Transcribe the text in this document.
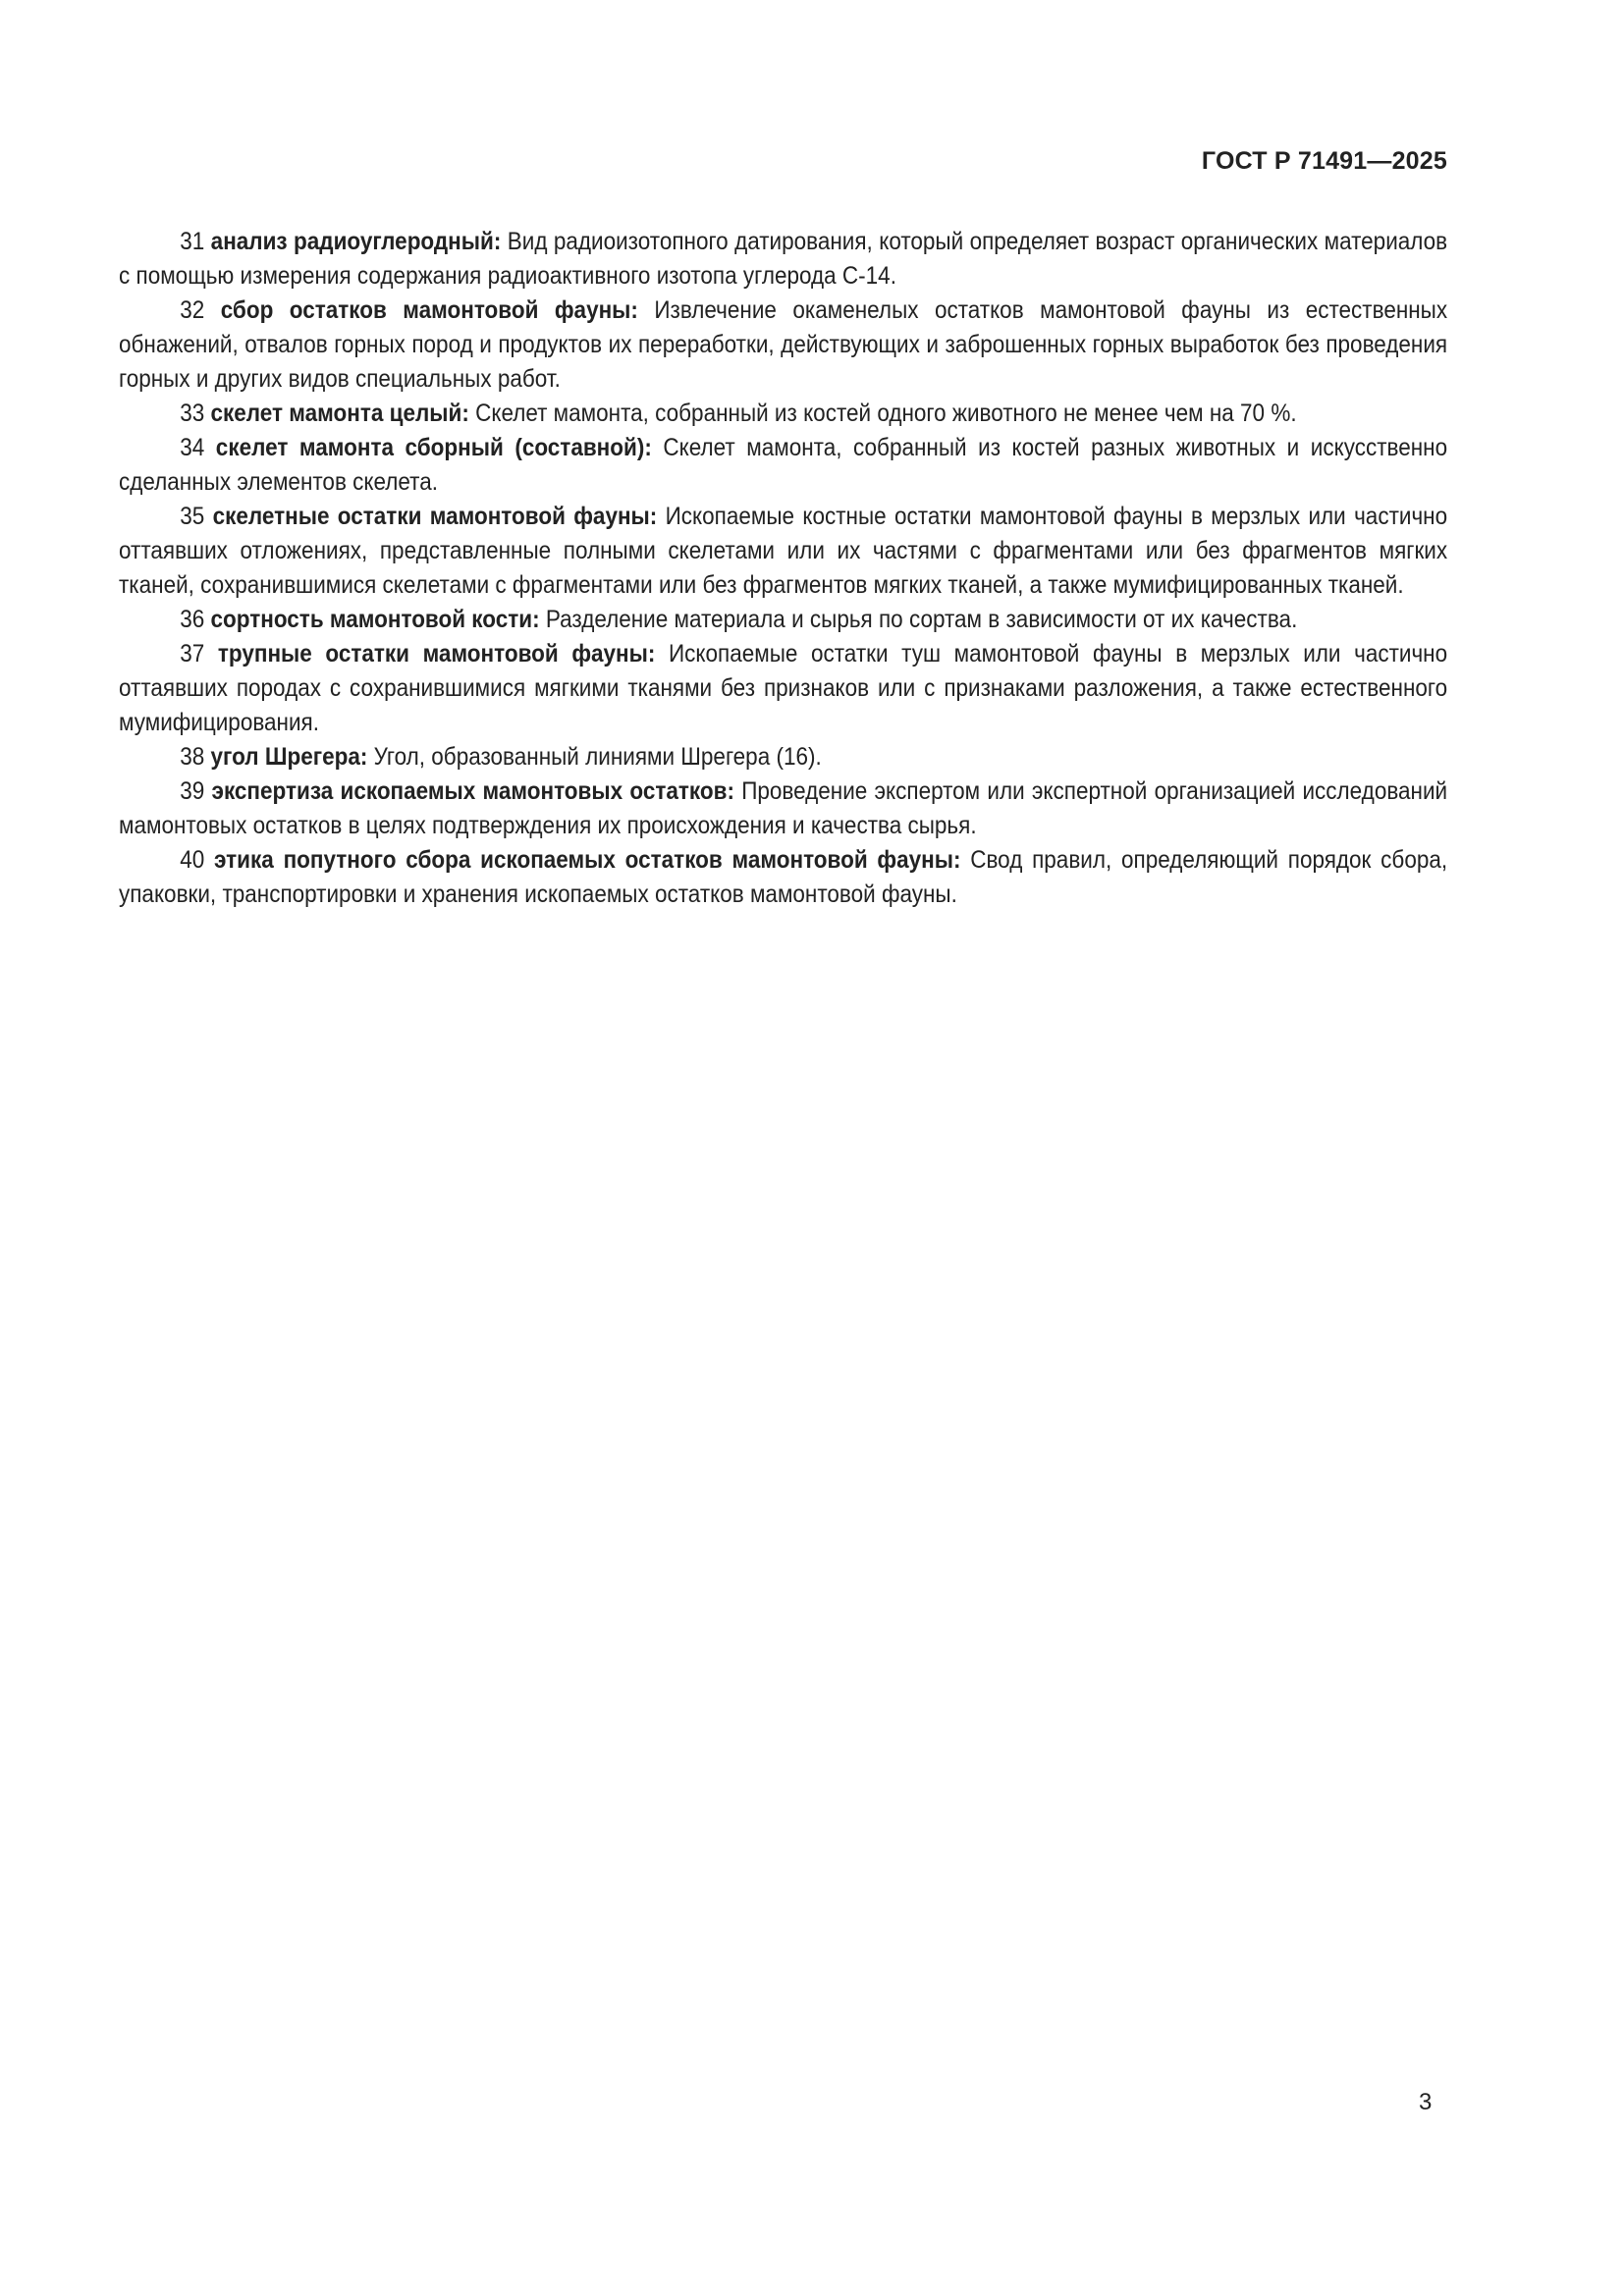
ГОСТ Р 71491—2025

31 анализ радиоуглеродный: Вид радиоизотопного датирования, который определяет возраст органических материалов с помощью измерения содержания радиоактивного изотопа углерода С-14.

32 сбор остатков мамонтовой фауны: Извлечение окаменелых остатков мамонтовой фауны из естественных обнажений, отвалов горных пород и продуктов их переработки, действующих и заброшенных горных выработок без проведения горных и других видов специальных работ.

33 скелет мамонта целый: Скелет мамонта, собранный из костей одного животного не менее чем на 70 %.

34 скелет мамонта сборный (составной): Скелет мамонта, собранный из костей разных животных и искусственно сделанных элементов скелета.

35 скелетные остатки мамонтовой фауны: Ископаемые костные остатки мамонтовой фауны в мерзлых или частично оттаявших отложениях, представленные полными скелетами или их частями с фрагментами или без фрагментов мягких тканей, сохранившимися скелетами с фрагментами или без фрагментов мягких тканей, а также мумифицированных тканей.

36 сортность мамонтовой кости: Разделение материала и сырья по сортам в зависимости от их качества.

37 трупные остатки мамонтовой фауны: Ископаемые остатки туш мамонтовой фауны в мерзлых или частично оттаявших породах с сохранившимися мягкими тканями без признаков или с признаками разложения, а также естественного мумифицирования.

38 угол Шрегера: Угол, образованный линиями Шрегера (16).

39 экспертиза ископаемых мамонтовых остатков: Проведение экспертом или экспертной организацией исследований мамонтовых остатков в целях подтверждения их происхождения и качества сырья.

40 этика попутного сбора ископаемых остатков мамонтовой фауны: Свод правил, определяющий порядок сбора, упаковки, транспортировки и хранения ископаемых остатков мамонтовой фауны.

3
